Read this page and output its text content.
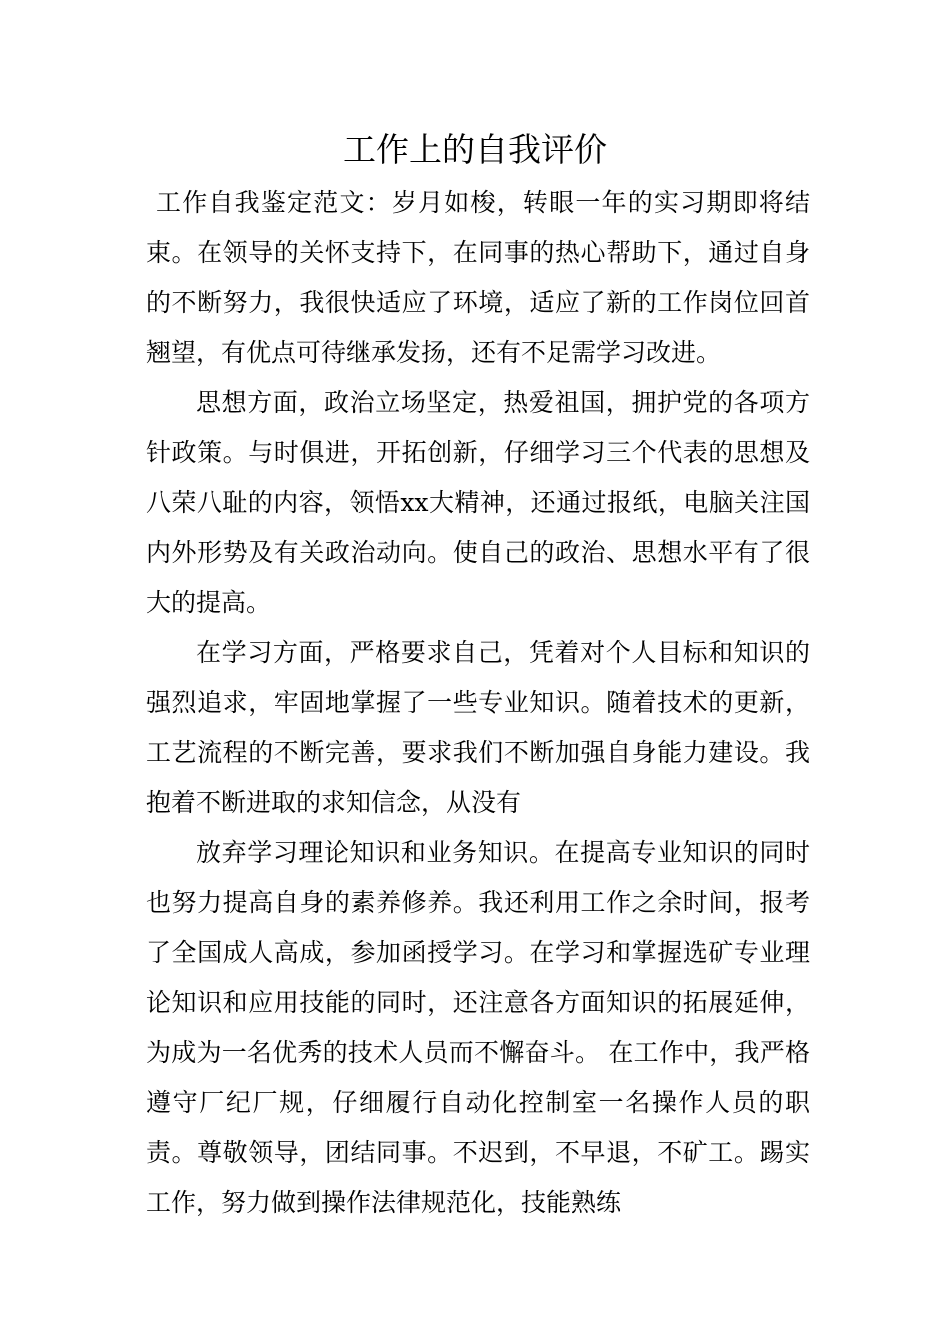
工作上的自我评价

工作自我鉴定范文：岁月如梭，转眼一年的实习期即将结束。在领导的关怀支持下，在同事的热心帮助下，通过自身的不断努力，我很快适应了环境，适应了新的工作岗位回首翘望，有优点可待继承发扬，还有不足需学习改进。

思想方面，政治立场坚定，热爱祖国，拥护党的各项方针政策。与时俱进，开拓创新，仔细学习三个代表的思想及八荣八耻的内容，领悟xx大精神，还通过报纸，电脑关注国内外形势及有关政治动向。使自己的政治、思想水平有了很大的提高。

在学习方面，严格要求自己，凭着对个人目标和知识的强烈追求，牢固地掌握了一些专业知识。随着技术的更新，工艺流程的不断完善，要求我们不断加强自身能力建设。我抱着不断进取的求知信念，从没有

放弃学习理论知识和业务知识。在提高专业知识的同时也努力提高自身的素养修养。我还利用工作之余时间，报考了全国成人高成，参加函授学习。在学习和掌握选矿专业理论知识和应用技能的同时，还注意各方面知识的拓展延伸，为成为一名优秀的技术人员而不懈奋斗。 在工作中，我严格遵守厂纪厂规，仔细履行自动化控制室一名操作人员的职责。尊敬领导，团结同事。不迟到，不早退，不矿工。踢实工作，努力做到操作法律规范化，技能熟练
